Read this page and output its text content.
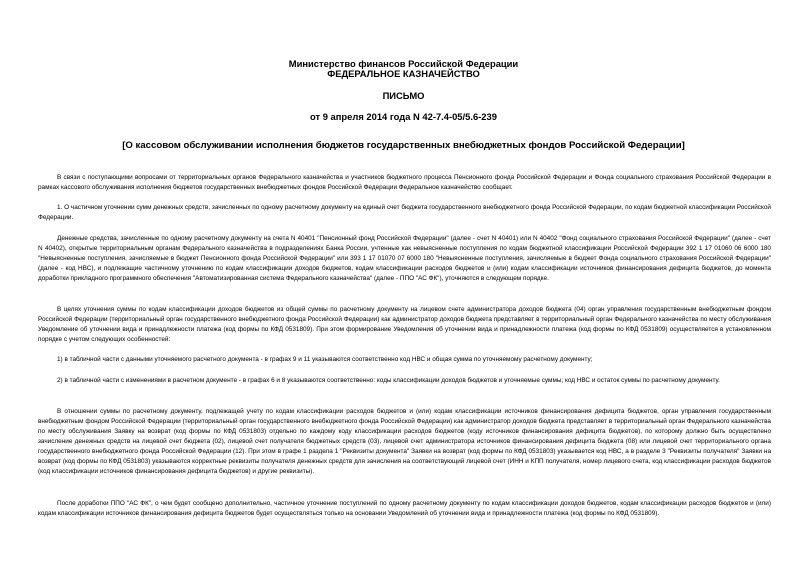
Министерство финансов Российской Федерации
ФЕДЕРАЛЬНОЕ КАЗНАЧЕЙСТВО
ПИСЬМО
от 9 апреля 2014 года N 42-7.4-05/5.6-239
[О кассовом обслуживании исполнения бюджетов государственных внебюджетных фондов Российской Федерации]

В связи с поступающими вопросами от территориальных органов Федерального казначейства и участников бюджетного процесса Пенсионного фонда Российской Федерации и Фонда социального страхования Российской Федерации в рамках кассового обслуживания исполнения бюджетов государственных внебюджетных фондов Российской Федерации Федеральное казначейство сообщает.

1. О частичном уточнении сумм денежных средств, зачисленных по одному расчетному документу на единый счет бюджета государственного внебюджетного фонда Российской Федерации, по кодам бюджетной классификации Российской Федерации.

Денежные средства, зачисленные по одному расчетному документу на счета N 40401 "Пенсионный фонд Российской Федерации" (далее - счет N 40401) или N 40402 "Фонд социального страхования Российской Федерации" (далее - счет N 40402), открытые территориальным органам Федерального казначейства в подразделениях Банка России, учтенные как невыясненные поступления по кодам бюджетной классификации Российской Федерации 392 1 17 01060 06 6000 180 "Невыясненные поступления, зачисляемые в бюджет Пенсионного фонда Российской Федерации" или 393 1 17 01070 07 6000 180 "Невыясненные поступления, зачисляемые в бюджет Фонда социального страхования Российской Федерации" (далее - код НВС), и подлежащие частичному уточнению по кодам классификации доходов бюджетов, кодам классификации расходов бюджетов и (или) кодам классификации источников финансирования дефицита бюджетов, до момента доработки прикладного программного обеспечения "Автоматизированная система Федерального казначейства" (далее - ППО "АС ФК"), уточняются в следующем порядке.

В целях уточнения суммы по кодам классификации доходов бюджетов из общей суммы по расчетному документу на лицевом счете администратора доходов бюджета (04) орган управления государственным внебюджетным фондом Российской Федерации (территориальный орган государственного внебюджетного фонда Российской Федерации) как администратор доходов бюджета представляет в территориальный орган Федерального казначейства по месту обслуживания Уведомление об уточнении вида и принадлежности платежа (код формы по КФД 0531809). При этом формирование Уведомления об уточнении вида и принадлежности платежа (код формы по КФД 0531809) осуществляется в установленном порядке с учетом следующих особенностей:

1) в табличной части с данными уточняемого расчетного документа - в графах 9 и 11 указываются соответственно код НВС и общая сумма по уточняемому расчетному документу;

2) в табличной части с изменениями в расчетном документе - в графах 6 и 8 указываются соответственно: коды классификации доходов бюджетов и уточняемые суммы; код НВС и остаток суммы по расчетному документу.

В отношении суммы по расчетному документу, подлежащей учету по кодам классификации расходов бюджетов и (или) кодам классификации источников финансирования дефицита бюджетов, орган управления государственным внебюджетным фондом Российской Федерации (территориальный орган государственного внебюджетного фонда Российской Федерации) как администратор доходов бюджета представляет в территориальный орган Федерального казначейства по месту обслуживания Заявку на возврат (код формы по КФД 0531803) отдельно по каждому коду классификации расходов бюджетов (коду источников финансирования дефицита бюджетов), по которому должно быть осуществлено зачисление денежных средств на лицевой счет бюджета (02), лицевой счет получателя бюджетных средств (03), лицевой счет администратора источников финансирования дефицита бюджета (08) или лицевой счет территориального органа государственного внебюджетного фонда Российской Федерации (12). При этом в графе 1 раздела 1 "Реквизиты документа" Заявки на возврат (код формы по КФД 0531803) указывается код НВС, а в разделе 3 "Реквизиты получателя" Заявки на возврат (код формы по КФД 0531803) указываются корректные реквизиты получателя денежных средств для зачисления на соответствующий лицевой счет (ИНН и КПП получателя, номер лицевого счета, код классификации расходов бюджетов (код классификации источников финансирования дефицита бюджетов) и другие реквизиты).

После доработки ППО "АС ФК", о чем будет сообщено дополнительно, частичное уточнение поступлений по одному расчетному документу по кодам классификации доходов бюджетов, кодам классификации расходов бюджетов и (или) кодам классификации источников финансирования дефицита бюджетов будет осуществляться только на основании Уведомлений об уточнении вида и принадлежности платежа (код формы по КФД 0531809).
